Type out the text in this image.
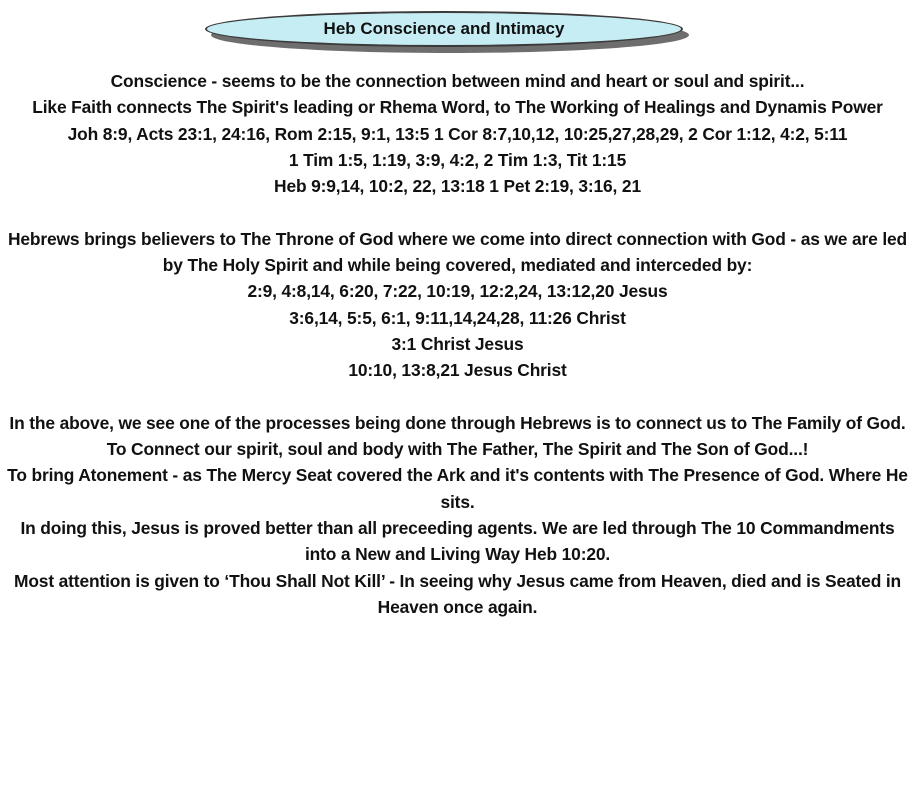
Heb Conscience and Intimacy

Conscience - seems to be the connection between mind and heart or soul and spirit...

Like Faith connects The Spirit's leading or Rhema Word, to The Working of Healings and Dynamis Power

Joh 8:9, Acts 23:1, 24:16, Rom 2:15, 9:1, 13:5 1 Cor 8:7,10,12, 10:25,27,28,29, 2 Cor 1:12, 4:2, 5:11

1 Tim 1:5, 1:19, 3:9, 4:2, 2 Tim 1:3, Tit 1:15

Heb 9:9,14, 10:2, 22, 13:18 1 Pet 2:19, 3:16, 21

Hebrews brings believers to The Throne of God where we come into direct connection with God - as we are led by The Holy Spirit and while being covered, mediated and interceded by:

2:9, 4:8,14, 6:20, 7:22, 10:19, 12:2,24, 13:12,20 Jesus

3:6,14, 5:5, 6:1, 9:11,14,24,28, 11:26 Christ

3:1 Christ Jesus

10:10, 13:8,21 Jesus Christ

In the above, we see one of the processes being done through Hebrews is to connect us to The Family of God.

To Connect our spirit, soul and body with The Father, The Spirit and The Son of God...!

To bring Atonement - as The Mercy Seat covered the Ark and it's contents with The Presence of God. Where He sits.

In doing this, Jesus is proved better than all preceeding agents. We are led through The 10 Commandments into a New and Living Way Heb 10:20.

Most attention is given to ‘Thou Shall Not Kill’ - In seeing why Jesus came from Heaven, died and is Seated in Heaven once again.
